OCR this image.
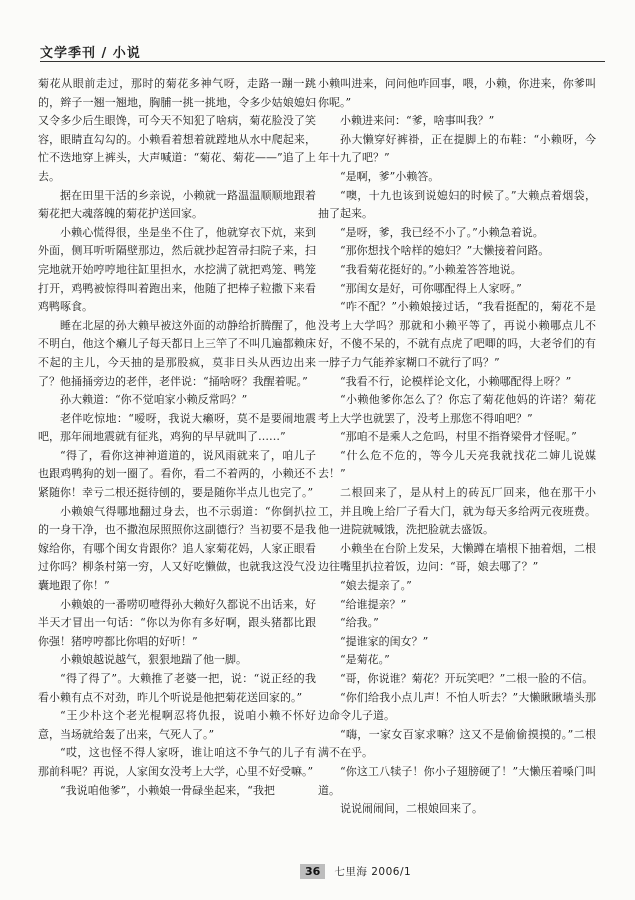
文学季刊 / 小说

菊花从眼前走过，那时的菊花多神气呀，走路一蹦一跳的，辫子一翘一翘地，胸脯一挑一挑地，令多少姑娘媳妇又令多少后生眼馋，可今天不知犯了啥病，菊花脸没了笑容，眼睛直勾勾的。小赖看着想着就蹚地从水中爬起来，忙不迭地穿上裤头，大声喊道：“菊花、菊花——”追了上去。

据在田里干活的乡亲说，小赖就一路温温顺顺地跟着菊花把大魂落魄的菊花护送回家。

小赖心慌得很，坐是坐不住了，他就穿衣下炕，来到外面，侧耳听听隔壁那边，然后就抄起笤帚扫院子来，扫完地就开始哼哼地往缸里担水，水挖满了就把鸡笼、鸭笼打开，鸡鸭被惊得叫着跑出来，他随了把棒子粒撒下来看鸡鸭啄食。

睡在北屋的孙大赖早被这外面的动静给折腾醒了，他不明白，他这个癞儿子每天都日上三竿了不叫几遍都赖床不起的主儿，今天抽的是那股疯，莫非日头从西边出来了？他捅捅旁边的老伴，老伴说：“捅啥呀？我醒着呢。”

孙大赖道：“你不觉咱家小赖反常吗？”

老伴吃惊地：“嗳呀，我说大癞呀，莫不是要闹地震吧，那年闹地震就有征兆，鸡狗的早早就叫了……”

“得了，看你这神神道道的，说风雨就来了，咱儿子也跟鸡鸭狗的划一圈了。看你，看二不着两的，小赖还不紧随你！幸亏二根还挺待刨的，要是随你半点儿也完了。”

小赖娘气得哪地翻过身去，也不示弱道：“你倒扒拉的一身干净，也不撒泡尿照照你这副德行？当初要不是我嫁给你，有哪个闺女肯跟你？追人家菊花妈，人家正眼看过你吗？柳条村第一穷，人又好吃懒做，也就我这没气没囊地跟了你！”

小赖娘的一番唠叨噎得孙大赖好久都说不出话来，好半天才冒出一句话：“你以为你有多好啊，跟头猪都比跟你强！猪哼哼都比你唱的好听！”

小赖娘越说越气，狠狠地踹了他一脚。

“得了得了”。大赖推了老婆一把，说：“说正经的我看小赖有点不对劲，昨儿个听说是他把菊花送回家的。”

“王少朴这个老光棍啊忍将仇报，说咱小赖不怀好意，当场就给轰了出来，气死人了。”

“哎，这也怪不得人家呀，谁让咱这不争气的儿子有那前科呢？再说，人家闺女没考上大学，心里不好受嘛。”

“我说咱他爹”，小赖娘一骨碌坐起来，“我把

小赖叫进来，问问他咋回事，喂，小赖，你进来，你爹叫你呢。”

小赖进来问：“爹，啥事叫我？”

孙大懒穿好裤褂，正在提脚上的布鞋：“小赖呀，今年十九了吧？”

“是啊，爹”小赖答。

“噢，十九也该到说媳妇的时候了。”大赖点着烟袋，抽了起来。

“是呀，爹，我已经不小了。”小赖急着说。

“那你想找个啥样的媳妇？”大懒接着问路。

“我看菊花挺好的。”小赖羞答答地说。

“那闺女是好，可你哪配得上人家呀。”

“咋不配？”小赖娘接过话，“我看挺配的，菊花不是没考上大学吗？那就和小赖平等了，再说小赖哪点儿不好，不傻不呆的，不就有点虎了吧唧的吗，大老爷们的有一脖子力气能养家糊口不就行了吗？”

“我看不行，论模样论文化，小赖哪配得上呀？”

“小赖他爹你怎么了？你忘了菊花他妈的许诺？菊花考上大学也就罢了，没考上那您不得咱吧？”

“那咱不是乘人之危吗，村里不指脊梁骨才怪呢。”

“什么危不危的，等今儿天亮我就找花二婶儿说媒去！”

二根回来了，是从村上的砖瓦厂回来，他在那干小工，并且晚上给厂子看大门，就为每天多给两元夜班费。他一进院就喊饿，洗把脸就去盛饭。

小赖坐在台阶上发呆，大懒蹲在墙根下抽着烟，二根边往嘴里扒拉着饭，边问：“哥，娘去哪了？”

“娘去提亲了。”

“给谁提亲？”

“给我。”

“提谁家的闺女？”

“是菊花。”

“哥，你说谁？菊花？开玩笑吧？”二根一脸的不信。

“你们给我小点儿声！不怕人听去？”大懒瞅瞅墙头那边命令儿子道。

“嗨，一家女百家求嘛？这又不是偷偷摸摸的。”二根满不在乎。

“你这工八犊子！你小子翅膀硬了！”大懒压着嗓门叫道。

说说闹闹间，二根娘回来了。

36 七里海 2006/1
